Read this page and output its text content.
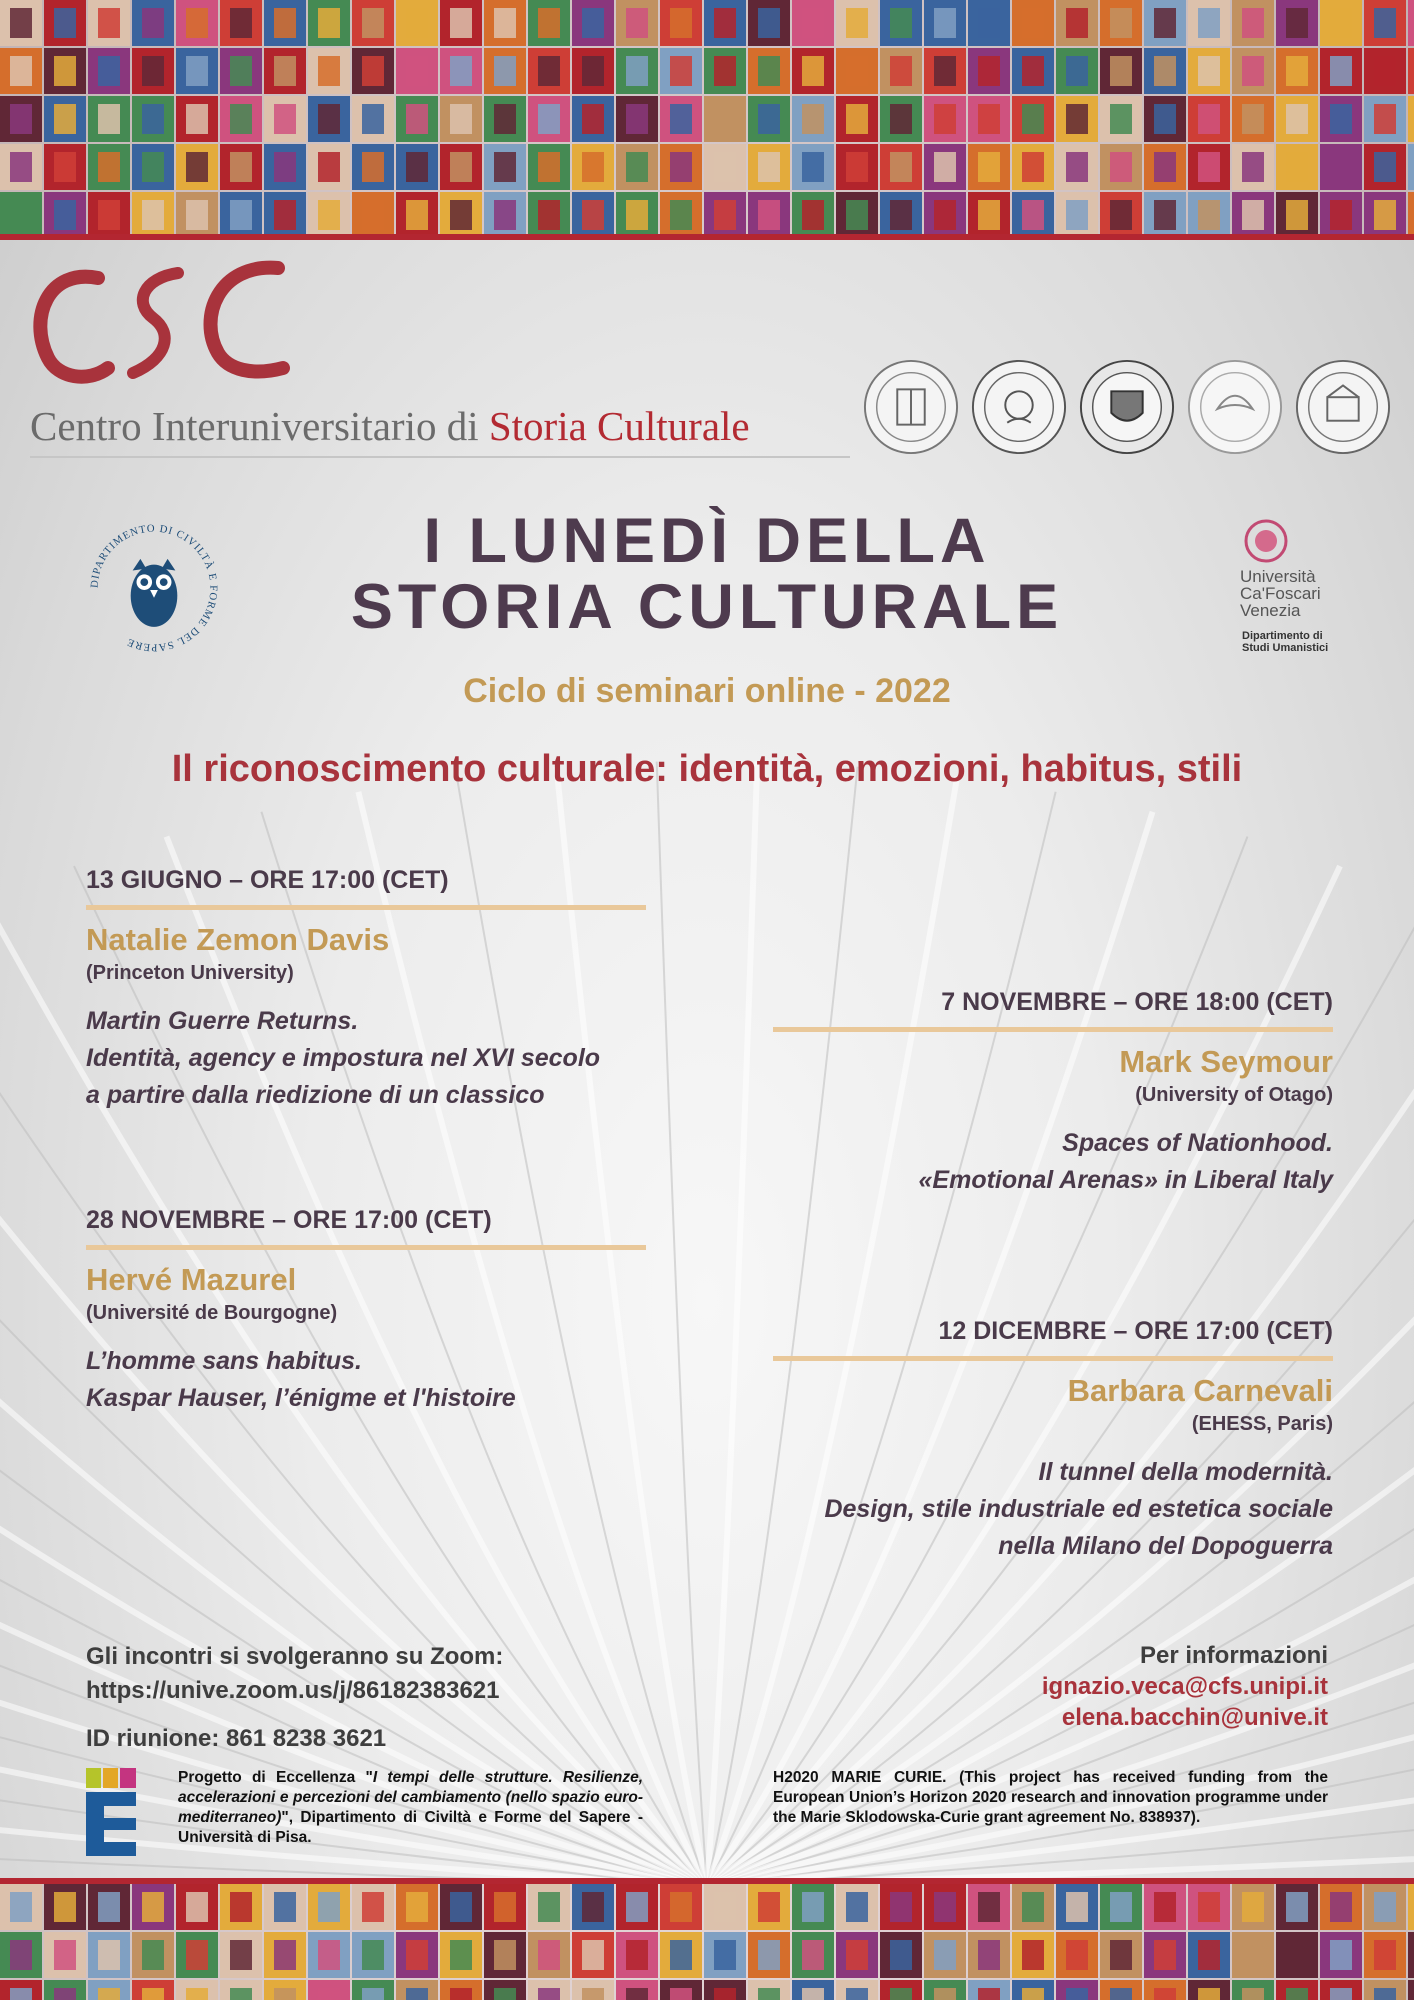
Centro Interuniversitario di Storia Culturale
DIPARTIMENTO DI CIVILTÀ E FORME DEL SAPERE
Università
Ca'Foscari
Venezia
Dipartimento di
Studi Umanistici
I LUNEDÌ DELLA
STORIA CULTURALE
Ciclo di seminari online - 2022
Il riconoscimento culturale: identità, emozioni, habitus, stili
13 GIUGNO – ORE 17:00 (CET)
Natalie Zemon Davis
(Princeton University)
Martin Guerre Returns.
Identità, agency e impostura nel XVI secolo
a partire dalla riedizione di un classico
7 NOVEMBRE – ORE 18:00 (CET)
Mark Seymour
(University of Otago)
Spaces of Nationhood.
«Emotional Arenas» in Liberal Italy
28 NOVEMBRE – ORE 17:00 (CET)
Hervé Mazurel
(Université de Bourgogne)
L’homme sans habitus.
Kaspar Hauser, l’énigme et l'histoire
12 DICEMBRE – ORE 17:00 (CET)
Barbara Carnevali
(EHESS, Paris)
Il tunnel della modernità.
Design, stile industriale ed estetica sociale
nella Milano del Dopoguerra
Gli incontri si svolgeranno su Zoom:
https://unive.zoom.us/j/86182383621
ID riunione: 861 8238 3621
Per informazioni
ignazio.veca@cfs.unipi.it
elena.bacchin@unive.it
Progetto di Eccellenza "I tempi delle strutture. Resilienze, accelerazioni e percezioni del cambiamento (nello spazio euro-mediterraneo)", Dipartimento di Civiltà e Forme del Sapere - Università di Pisa.
H2020 MARIE CURIE. (This project has received funding from the European Union’s Horizon 2020 research and innovation programme under the Marie Sklodowska-Curie grant agreement No. 838937).
